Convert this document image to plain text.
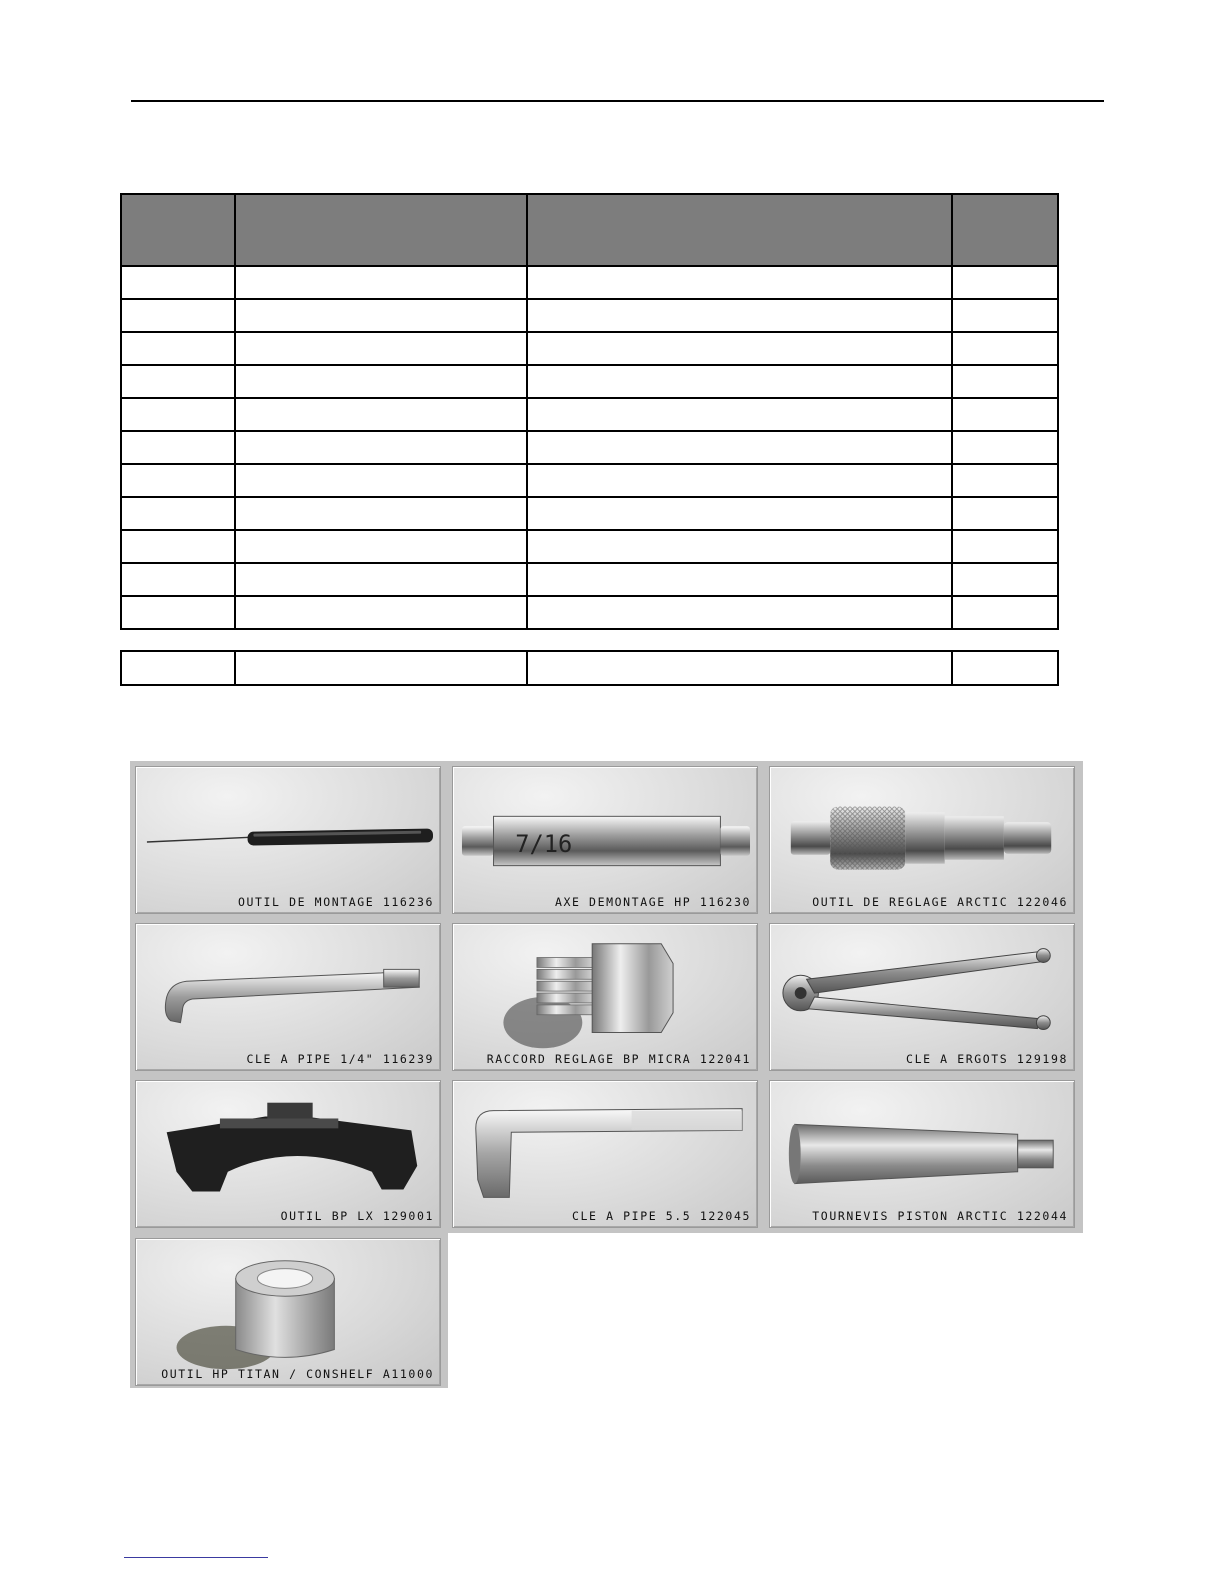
OUTIL DE MONTAGE 116236
7/16
AXE DEMONTAGE HP 116230	OUTIL DE REGLAGE ARCTIC 122046
CLE A PIPE 1/4" 116239	RACCORD REGLAGE BP MICRA 122041	CLE A ERGOTS 129198
OUTIL BP LX 129001	CLE A PIPE 5.5 122045	TOURNEVIS PISTON ARCTIC 122044
OUTIL HP TITAN / CONSHELF A11000
